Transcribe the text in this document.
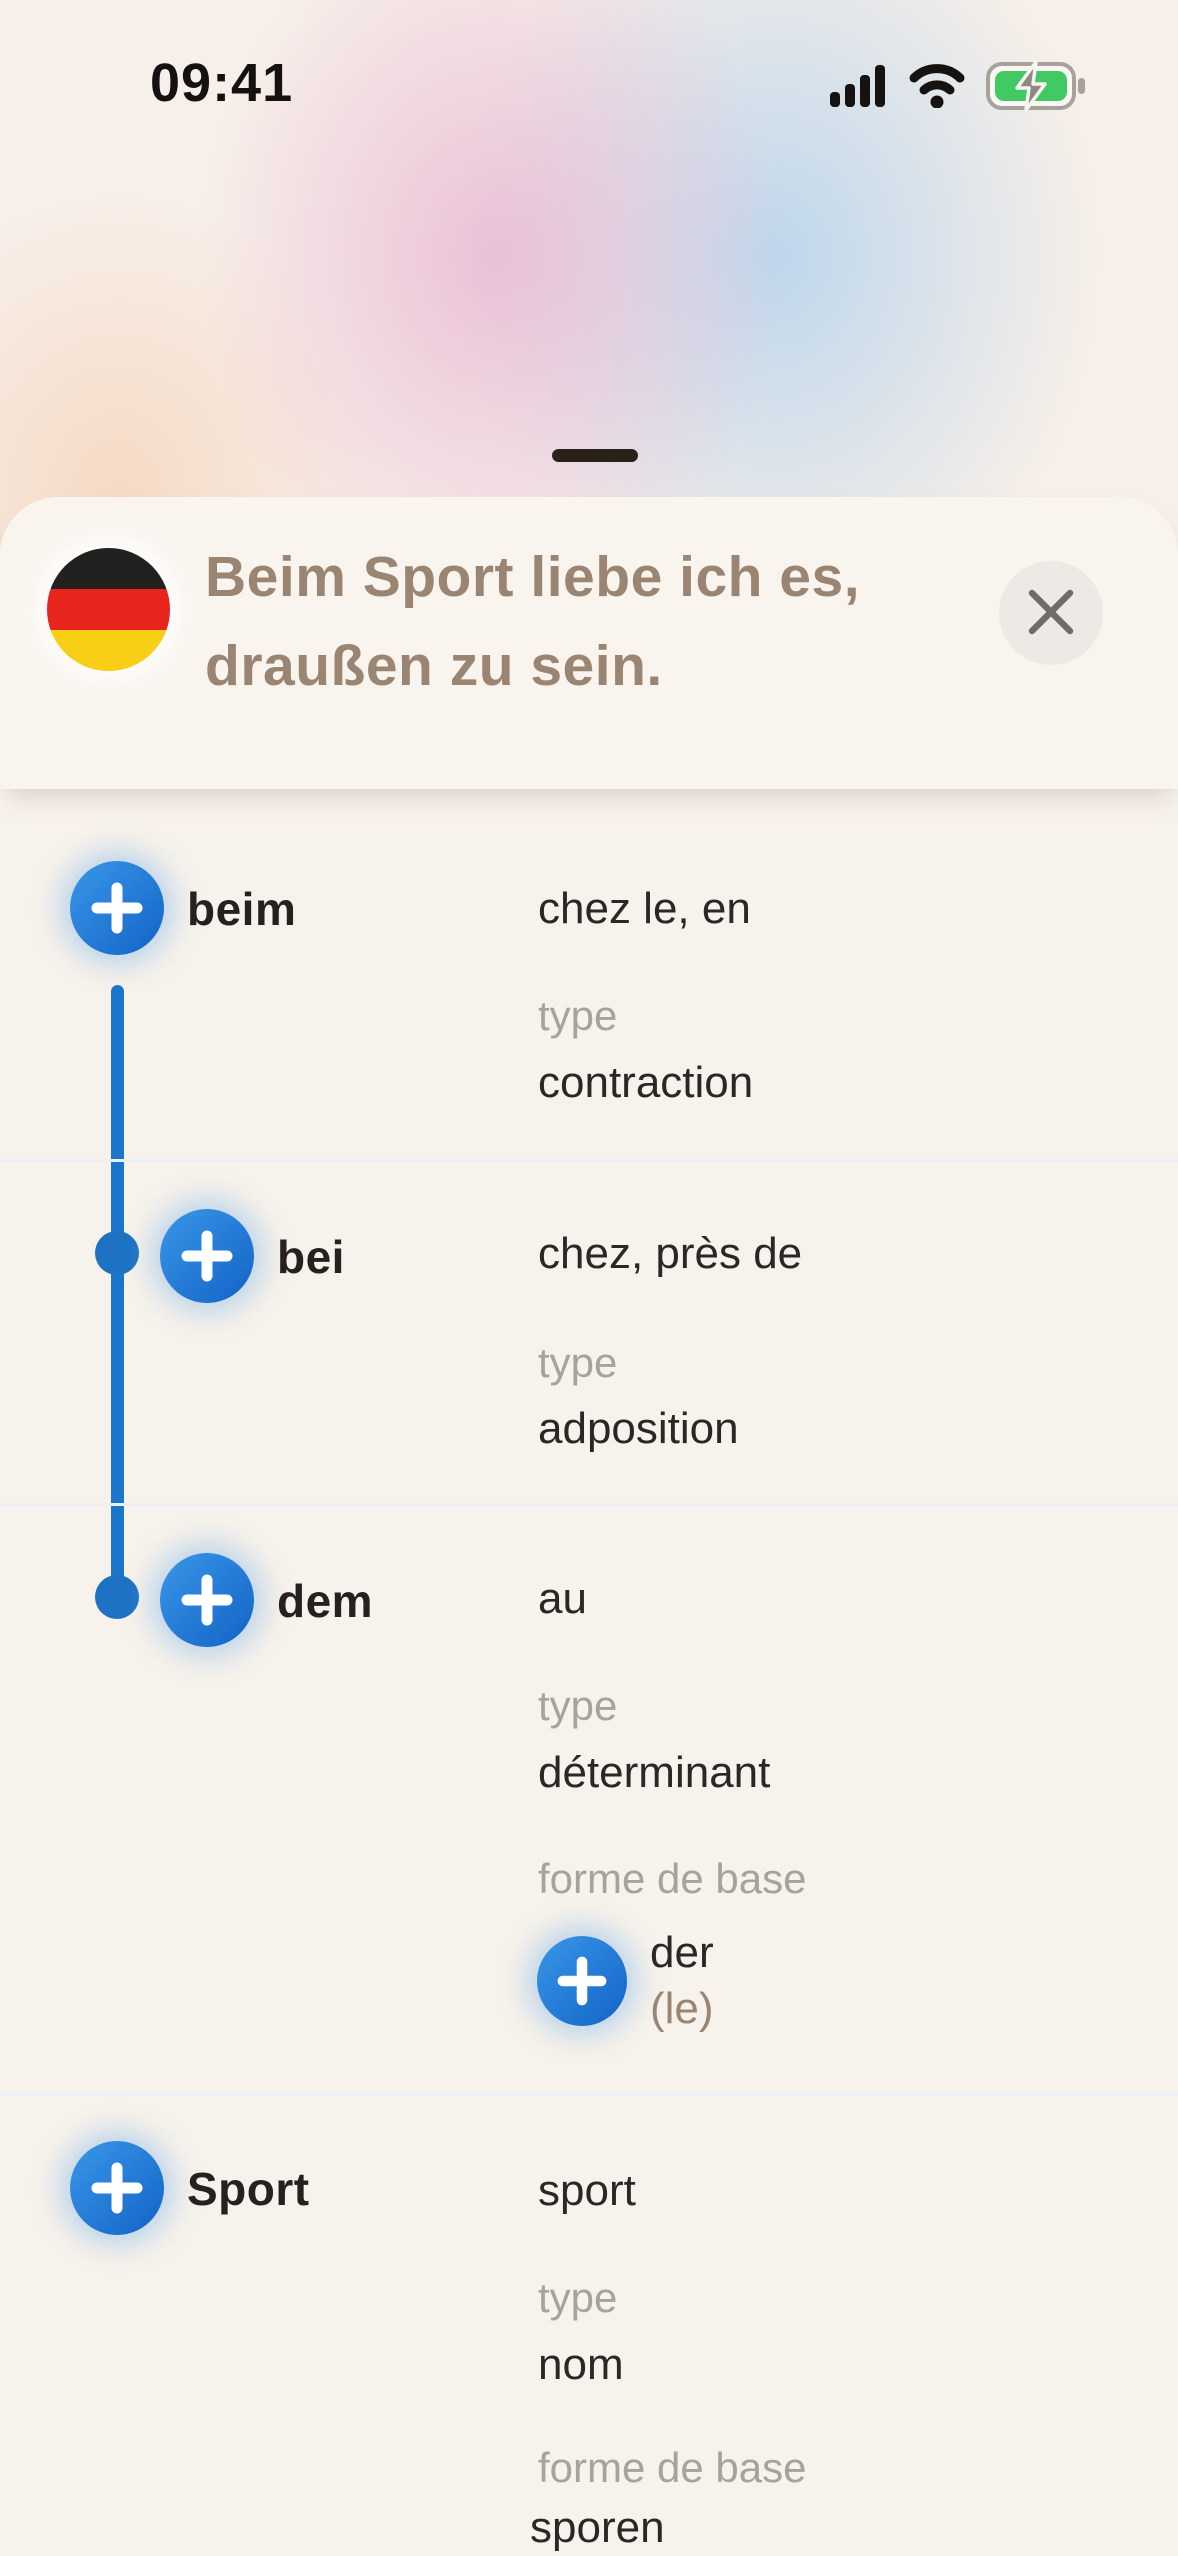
09:41
Beim Sport liebe ich es,
draußen zu sein.
beim	chez le, en
type
contraction
bei	chez, près de
type
adposition
dem	au
type
déterminant
forme de base
der
(le)
Sport	sport
type
nom
forme de base
sporen
